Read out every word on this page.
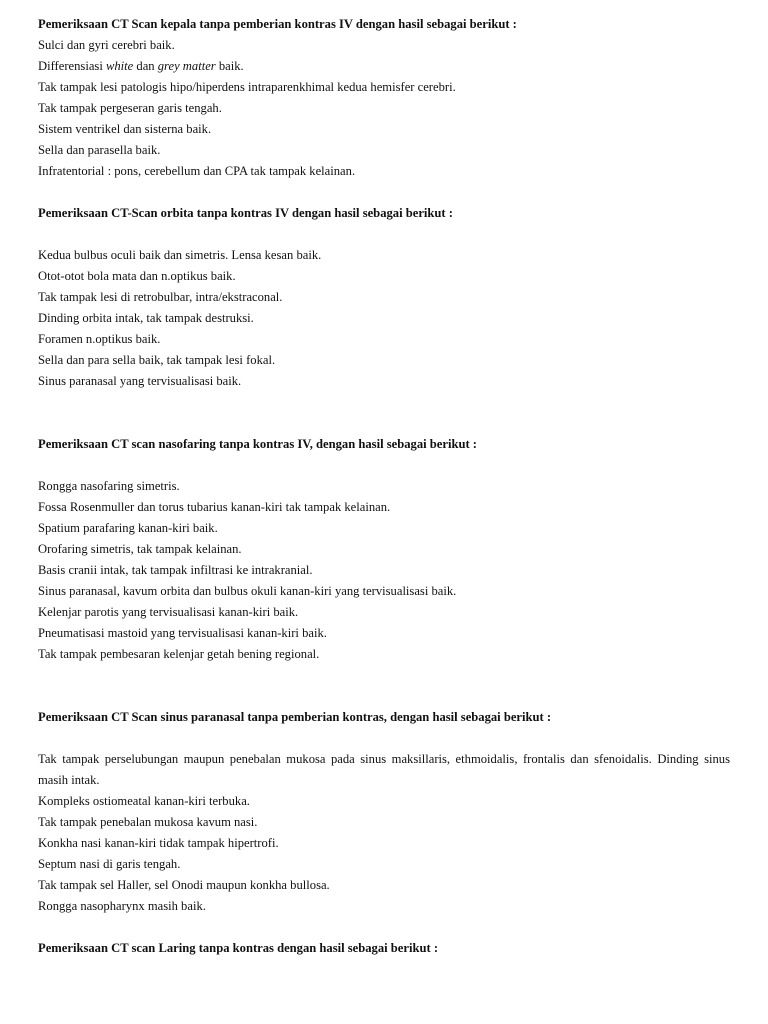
Pemeriksaan CT Scan kepala tanpa pemberian kontras IV dengan hasil sebagai berikut :
Sulci dan gyri cerebri baik.
Differensiasi white dan grey matter baik.
Tak tampak lesi patologis hipo/hiperdens intraparenkhimal kedua hemisfer cerebri.
Tak tampak pergeseran garis tengah.
Sistem ventrikel dan sisterna baik.
Sella dan parasella baik.
Infratentorial : pons, cerebellum dan CPA tak tampak kelainan.
Pemeriksaan CT-Scan orbita tanpa kontras IV dengan hasil sebagai berikut :
Kedua bulbus oculi baik dan simetris. Lensa kesan baik.
Otot-otot bola mata dan n.optikus baik.
Tak tampak lesi di retrobulbar, intra/ekstraconal.
Dinding orbita intak, tak tampak destruksi.
Foramen n.optikus baik.
Sella dan para sella baik, tak tampak lesi fokal.
Sinus paranasal yang tervisualisasi baik.
Pemeriksaan CT scan nasofaring tanpa kontras IV, dengan hasil sebagai berikut :
Rongga nasofaring simetris.
Fossa Rosenmuller dan torus tubarius kanan-kiri tak tampak kelainan.
Spatium parafaring kanan-kiri baik.
Orofaring simetris, tak tampak kelainan.
Basis cranii intak, tak tampak infiltrasi ke intrakranial.
Sinus paranasal, kavum orbita dan bulbus okuli kanan-kiri yang tervisualisasi baik.
Kelenjar parotis yang tervisualisasi kanan-kiri baik.
Pneumatisasi mastoid yang tervisualisasi kanan-kiri baik.
Tak tampak pembesaran kelenjar getah bening regional.
Pemeriksaan CT Scan sinus paranasal tanpa pemberian kontras, dengan hasil sebagai berikut :
Tak tampak perselubungan maupun penebalan mukosa pada sinus maksillaris, ethmoidalis, frontalis dan sfenoidalis. Dinding sinus masih intak.
Kompleks ostiomeatal kanan-kiri terbuka.
Tak tampak penebalan mukosa kavum nasi.
Konkha nasi kanan-kiri tidak tampak hipertrofi.
Septum nasi di garis tengah.
Tak tampak sel Haller, sel Onodi maupun konkha bullosa.
Rongga nasopharynx masih baik.
Pemeriksaan CT scan Laring tanpa kontras dengan hasil sebagai berikut :
